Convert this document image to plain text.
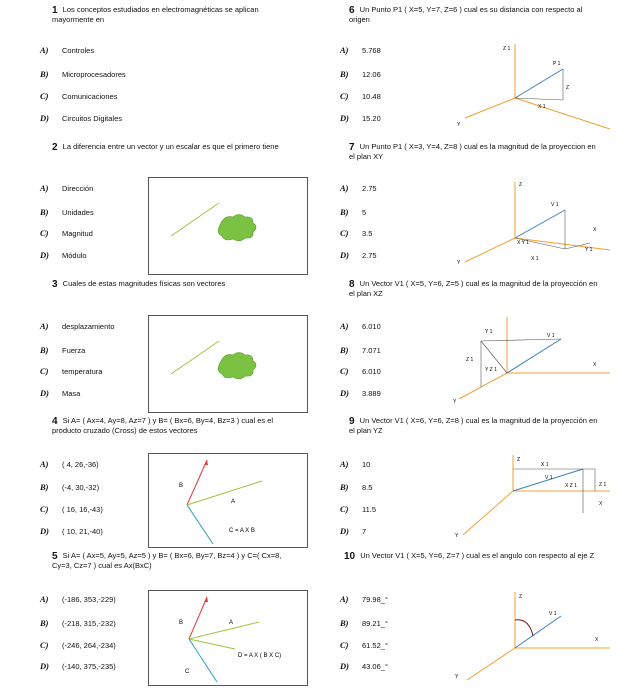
1 Los conceptos estudiados en electromagnéticas se aplican mayormente en
A) Controles
B) Microprocesadores
C) Comunicaciones
D) Circuitos Digitales
2 La diferencia entre un vector y un escalar es que el primero tiene
A) Dirección
B) Unidades
C) Magnitud
D) Módulo
3 Cuales de estas magnitudes físicas son vectores
A) desplazamiento
B) Fuerza
C) temperatura
D) Masa
4 Si A= ( Ax=4, Ay=8, Az=7 ) y B= ( Bx=6, By=4, Bz=3 ) cual es el producto cruzado (Cross) de estos vectores
A) ( 4, 26,-36)
B) (-4, 30,-32)
C) ( 16, 16,-43)
D) ( 10, 21,-40)
B
A
C = A X B
5 Si A= ( Ax=5, Ay=5, Az=5 ) y B= ( Bx=6, By=7, Bz=4 ) y C=( Cx=8, Cy=3, Cz=7 ) cual es Ax(BxC)
A) (-186, 353,-229)
B) (-218, 315,-232)
C) (-246, 264,-234)
D) (-140, 375,-235)
B	A
C
D = A X ( B X C)
6 Un Punto P1 ( X=5, Y=7, Z=6 ) cual es su distancia con respecto al origen
A) 5.768
B) 12.06
C) 10.48
D) 15.20
Z 1
P 1
Z
X 1
Y
7 Un Punto P1 ( X=3, Y=4, Z=8 ) cual es la magnitud de la proyeccion en el plan XY
A) 2.75
B) 5
C) 3.5
D) 2.75
Z
V 1
X
X Y 1
Y 1
X 1
Y
8 Un Vector V1 ( X=5, Y=6, Z=5 ) cual es la magnitud de la proyección en el plan XZ
A) 6.010
B) 7.071
C) 6.010
D) 3.889
Y 1
V 1
Z 1
Y Z 1
X
Y
9 Un Vector V1 ( X=6, Y=6, Z=8 ) cual es la magnitud de la proyección en el plan YZ
A) 10
B) 8.5
C) 11.5
D) 7
Z
X 1
V 1
X Z 1	Z 1
X
Y
10 Un Vector V1 ( X=5, Y=6, Z=7 ) cual es el angulo con respecto al eje Z
A) 79.98_°
B) 89.21_°
C) 61.52_°
D) 43.06_°
Z
V 1
X
Y
